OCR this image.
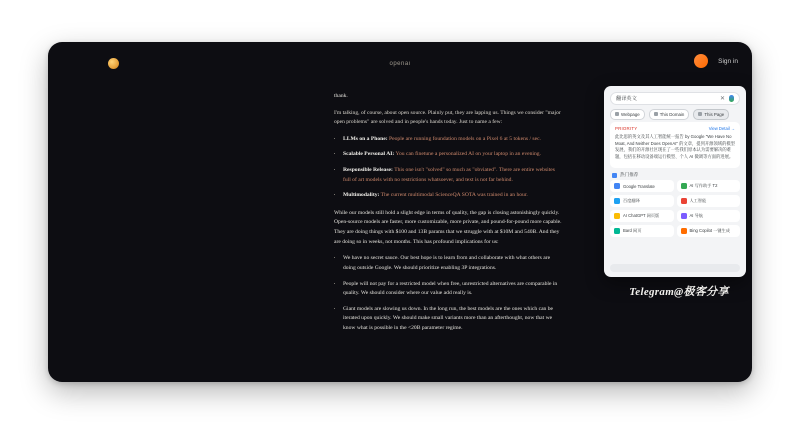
openai	Sign in

thank.

I'm talking, of course, about open source. Plainly put, they are lapping us. Things we consider "major open problems" are solved and in people's hands today. Just to name a few:

• LLMs on a Phone: People are running foundation models on a Pixel 6 at 5 tokens / sec.
• Scalable Personal AI: You can finetune a personalized AI on your laptop in an evening.
• Responsible Release: This one isn't "solved" so much as "obviated". There are entire websites full of art models with no restrictions whatsoever, and text is not far behind.
• Multimodality: The current multimodal ScienceQA SOTA was trained in an hour.

While our models still hold a slight edge in terms of quality, the gap is closing astonishingly quickly. Open-source models are faster, more customizable, more private, and pound-for-pound more capable. They are doing things with $100 and 13B params that we struggle with at $10M and 540B. And they are doing so in weeks, not months. This has profound implications for us:

• We have no secret sauce. Our best hope is to learn from and collaborate with what others are doing outside Google. We should prioritize enabling 3P integrations.
• People will not pay for a restricted model when free, unrestricted alternatives are comparable in quality. We should consider where our value add really is.
• Giant models are slowing us down. In the long run, the best models are the ones which can be iterated upon quickly. We should make small variants more than an afterthought, now that we know what is possible in the <20B parameter regime.
翻译英文	✕
Webpage	This Domain	This Page
PRIORITY	View Detail →
此比思的英文及其人工智能统一报告 by Google "We Have No Moat, And Neither Does OpenAI" 的文章，提到开源领域的模型发展，我们的开源社区现在了一些我们原本认为需要解决的难题，包括在移动设备端运行模型、个人 AI 微调等方面的进展。
热门推荐
Google Translate	AI 写作助手 T2
百度翻译	人工智能
AI ChatGPT 网页版	AI 导航
Bard 网页	Bing Copilot 一键生成
Telegram@极客分享
